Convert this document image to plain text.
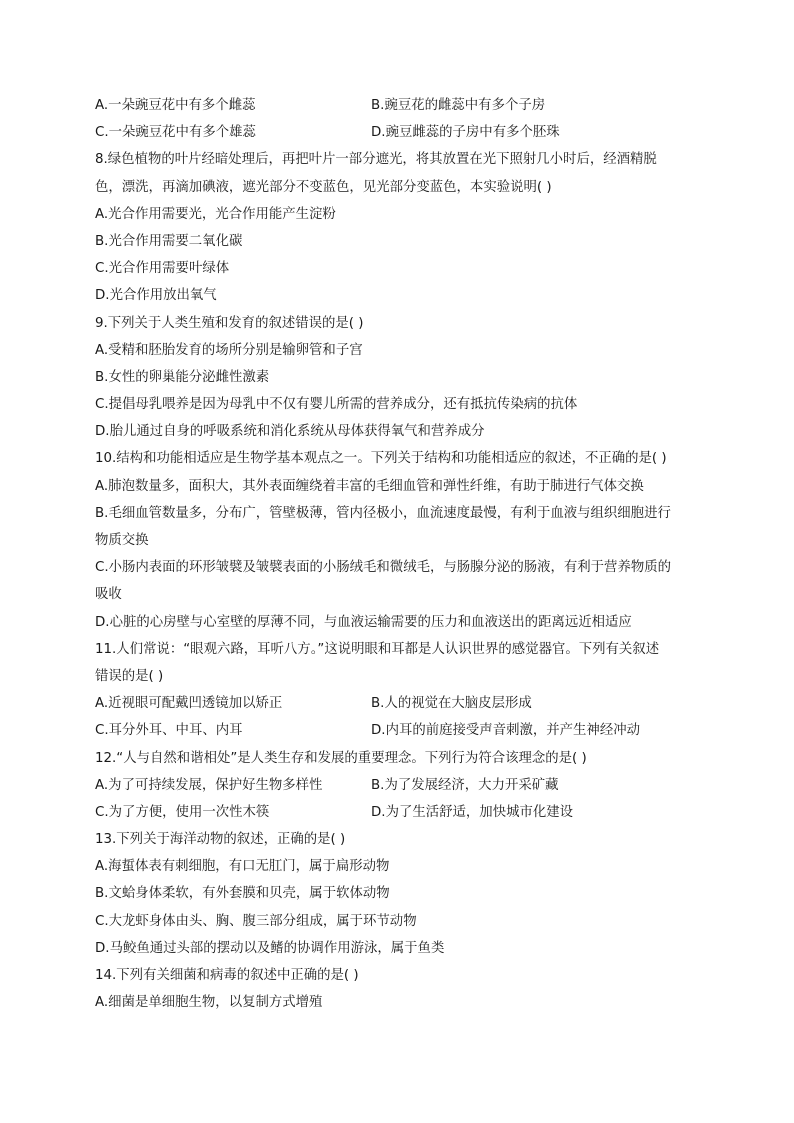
A.一朵豌豆花中有多个雌蕊	B.豌豆花的雌蕊中有多个子房
C.一朵豌豆花中有多个雄蕊	D.豌豆雌蕊的子房中有多个胚珠
8.绿色植物的叶片经暗处理后，再把叶片一部分遮光，将其放置在光下照射几小时后，经酒精脱
色，漂洗，再滴加碘液，遮光部分不变蓝色，见光部分变蓝色，本实验说明( )
A.光合作用需要光，光合作用能产生淀粉
B.光合作用需要二氧化碳
C.光合作用需要叶绿体
D.光合作用放出氧气
9.下列关于人类生殖和发育的叙述错误的是( )
A.受精和胚胎发育的场所分别是输卵管和子宫
B.女性的卵巢能分泌雌性激素
C.提倡母乳喂养是因为母乳中不仅有婴儿所需的营养成分，还有抵抗传染病的抗体
D.胎儿通过自身的呼吸系统和消化系统从母体获得氧气和营养成分
10.结构和功能相适应是生物学基本观点之一。下列关于结构和功能相适应的叙述，不正确的是( )
A.肺泡数量多，面积大，其外表面缠绕着丰富的毛细血管和弹性纤维，有助于肺进行气体交换
B.毛细血管数量多，分布广，管壁极薄，管内径极小，血流速度最慢，有利于血液与组织细胞进行
物质交换
C.小肠内表面的环形皱襞及皱襞表面的小肠绒毛和微绒毛，与肠腺分泌的肠液，有利于营养物质的
吸收
D.心脏的心房壁与心室壁的厚薄不同，与血液运输需要的压力和血液送出的距离远近相适应
11.人们常说：“眼观六路，耳听八方。”这说明眼和耳都是人认识世界的感觉器官。下列有关叙述
错误的是( )
A.近视眼可配戴凹透镜加以矫正	B.人的视觉在大脑皮层形成
C.耳分外耳、中耳、内耳	D.内耳的前庭接受声音刺激，并产生神经冲动
12.“人与自然和谐相处”是人类生存和发展的重要理念。下列行为符合该理念的是( )
A.为了可持续发展，保护好生物多样性	B.为了发展经济，大力开采矿藏
C.为了方便，使用一次性木筷	D.为了生活舒适，加快城市化建设
13.下列关于海洋动物的叙述，正确的是( )
A.海蜇体表有刺细胞，有口无肛门，属于扁形动物
B.文蛤身体柔软，有外套膜和贝壳，属于软体动物
C.大龙虾身体由头、胸、腹三部分组成，属于环节动物
D.马鲛鱼通过头部的摆动以及鳍的协调作用游泳，属于鱼类
14.下列有关细菌和病毒的叙述中正确的是( )
A.细菌是单细胞生物，以复制方式增殖
